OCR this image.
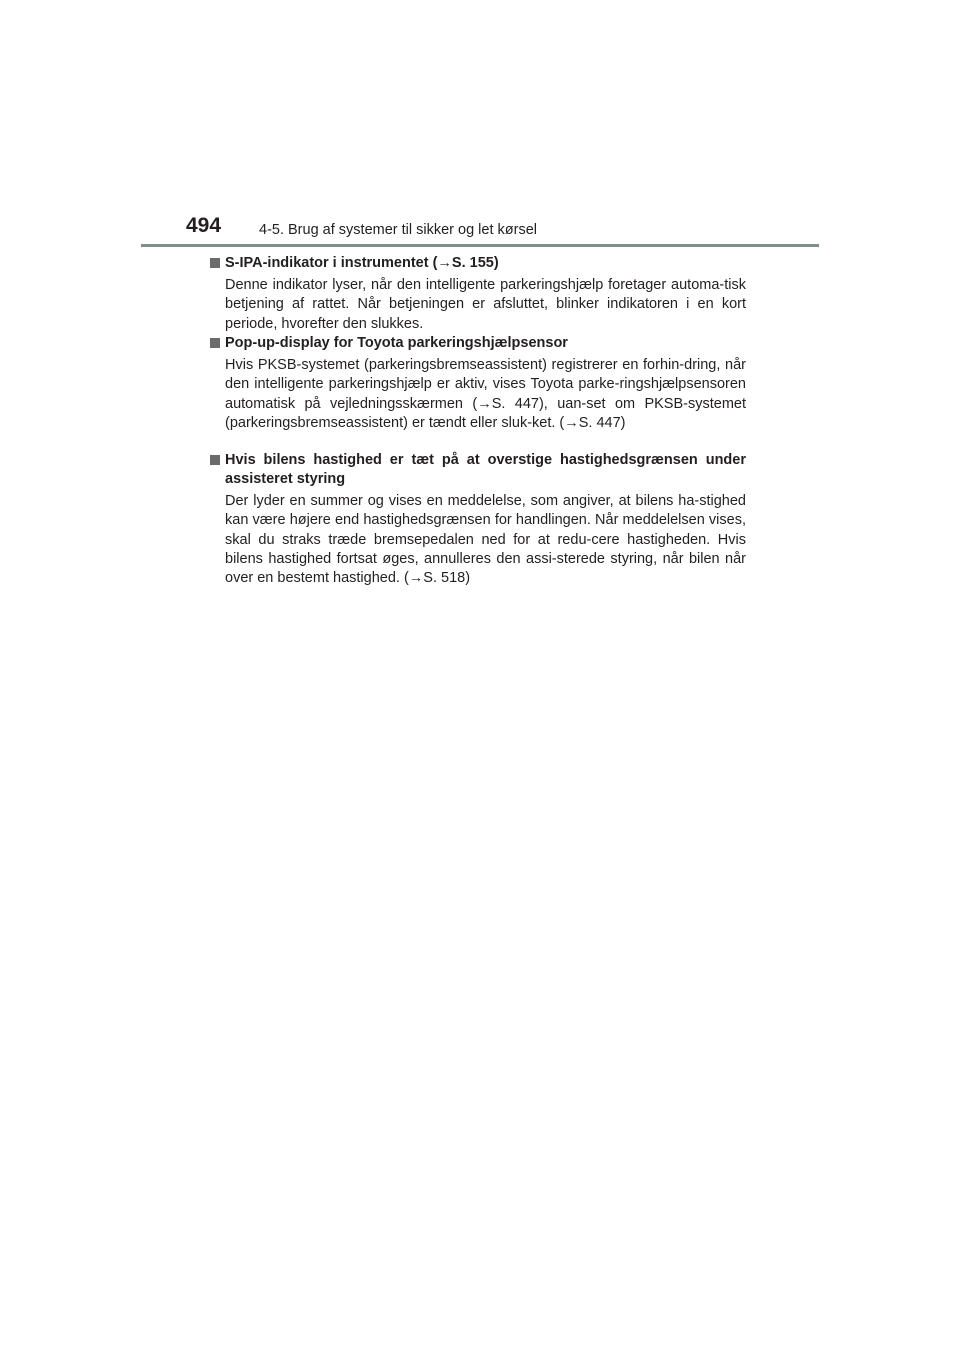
494	4-5. Brug af systemer til sikker og let kørsel
S-IPA-indikator i instrumentet (→S. 155)
Denne indikator lyser, når den intelligente parkeringshjælp foretager automa-tisk betjening af rattet. Når betjeningen er afsluttet, blinker indikatoren i en kort periode, hvorefter den slukkes.
Pop-up-display for Toyota parkeringshjælpsensor
Hvis PKSB-systemet (parkeringsbremseassistent) registrerer en forhin-dring, når den intelligente parkeringshjælp er aktiv, vises Toyota parke-ringshjælpsensoren automatisk på vejledningsskærmen (→S. 447), uan-set om PKSB-systemet (parkeringsbremseassistent) er tændt eller sluk-ket. (→S. 447)
Hvis bilens hastighed er tæt på at overstige hastighedsgrænsen under assisteret styring
Der lyder en summer og vises en meddelelse, som angiver, at bilens ha-stighed kan være højere end hastighedsgrænsen for handlingen. Når meddelelsen vises, skal du straks træde bremsepedalen ned for at redu-cere hastigheden. Hvis bilens hastighed fortsat øges, annulleres den assi-sterede styring, når bilen når over en bestemt hastighed. (→S. 518)
